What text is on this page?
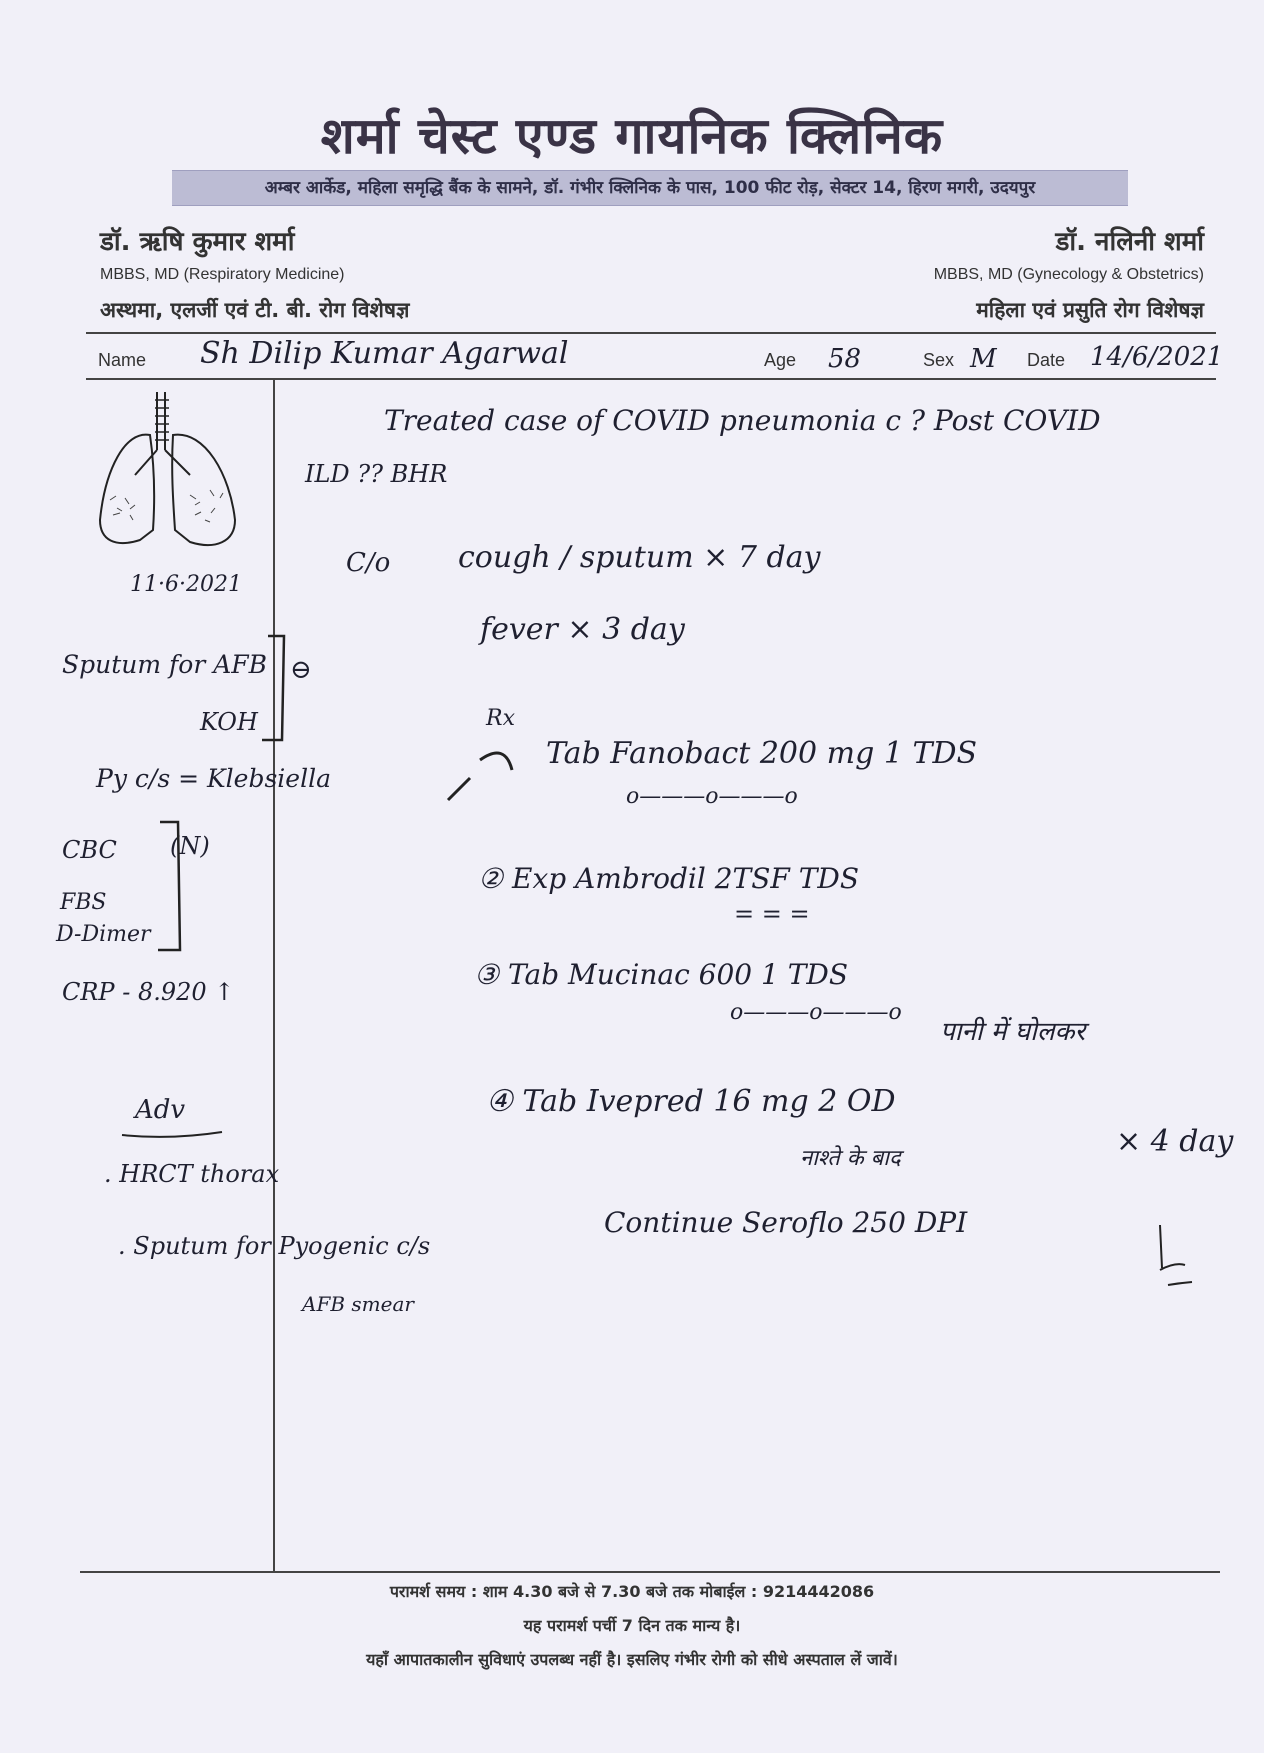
शर्मा चेस्ट एण्ड गायनिक क्लिनिक
अम्बर आर्केड, महिला समृद्धि बैंक के सामने, डॉ. गंभीर क्लिनिक के पास, 100 फीट रोड़, सेक्टर 14, हिरण मगरी, उदयपुर
डॉ. ऋषि कुमार शर्मा
MBBS, MD (Respiratory Medicine)
अस्थमा, एलर्जी एवं टी. बी. रोग विशेषज्ञ
डॉ. नलिनी शर्मा
MBBS, MD (Gynecology & Obstetrics)
महिला एवं प्रसुति रोग विशेषज्ञ
Name Sh Dilip Kumar Agarwal	Age 58	Sex M Date 14/6/2021
11·6·2021
Sputum for AFB ⊖
KOH
Py c/s = Klebsiella
CBC (N)
FBS
D-Dimer
CRP - 8.920 ↑
Adv
. HRCT thorax
. Sputum for Pyogenic c/s
AFB smear
Treated case of COVID pneumonia c ? Post COVID
ILD ?? BHR
C/o cough / sputum × 7 day
fever × 3 day
Rx
Tab Fanobact 200 mg 1 TDS
o———o———o
② Exp Ambrodil 2TSF TDS
= = =
③ Tab Mucinac 600 1 TDS
o———o———o
पानी में घोलकर
④ Tab Ivepred 16 mg 2 OD
नाश्ते के बाद	× 4 day
Continue Seroflo 250 DPI
परामर्श समय : शाम 4.30 बजे से 7.30 बजे तक मोबाईल : 9214442086
यह परामर्श पर्ची 7 दिन तक मान्य है।
यहाँ आपातकालीन सुविधाएं उपलब्ध नहीं है। इसलिए गंभीर रोगी को सीधे अस्पताल लें जावें।
